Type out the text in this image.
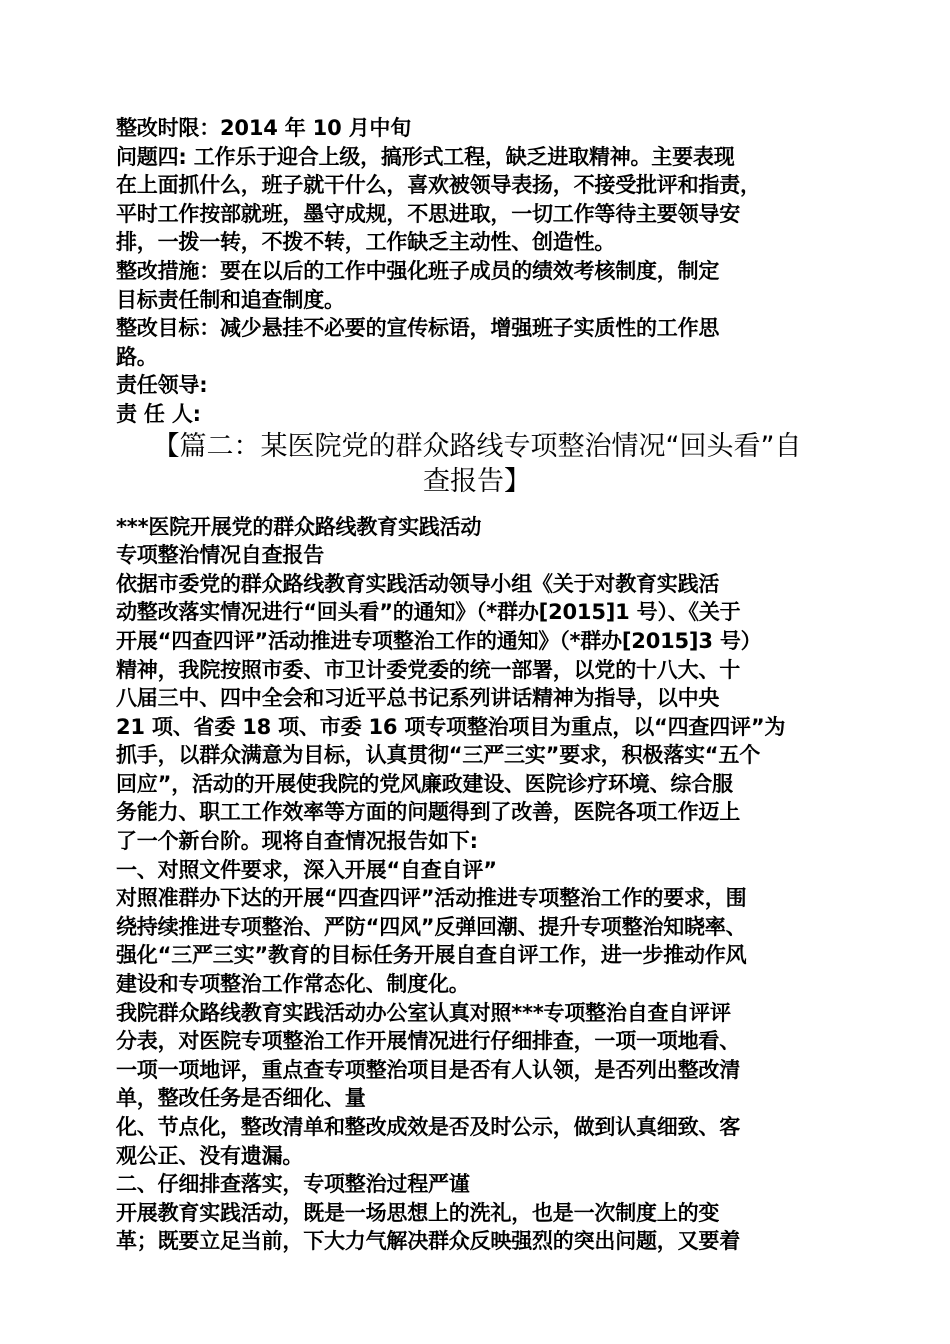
整改时限：2014 年 10 月中旬

问题四: 工作乐于迎合上级，搞形式工程，缺乏进取精神。主要表现

在上面抓什么，班子就干什么，喜欢被领导表扬，不接受批评和指责，

平时工作按部就班，墨守成规，不思进取，一切工作等待主要领导安

排，一拨一转，不拨不转，工作缺乏主动性、创造性。

整改措施：要在以后的工作中强化班子成员的绩效考核制度，制定

目标责任制和追查制度。

整改目标：减少悬挂不必要的宣传标语，增强班子实质性的工作思

路。

责任领导:

责 任 人:

【篇二：某医院党的群众路线专项整治情况“回头看”自

查报告】

***医院开展党的群众路线教育实践活动

专项整治情况自查报告

依据市委党的群众路线教育实践活动领导小组《关于对教育实践活

动整改落实情况进行“回头看”的通知》（*群办[2015]1 号）、《关于

开展“四查四评”活动推进专项整治工作的通知》（*群办[2015]3 号）

精神，我院按照市委、市卫计委党委的统一部署，以党的十八大、十

八届三中、四中全会和习近平总书记系列讲话精神为指导，以中央

21 项、省委 18 项、市委 16 项专项整治项目为重点，以“四查四评”为

抓手，以群众满意为目标，认真贯彻“三严三实”要求，积极落实“五个

回应”，活动的开展使我院的党风廉政建设、医院诊疗环境、综合服

务能力、职工工作效率等方面的问题得到了改善，医院各项工作迈上

了一个新台阶。现将自查情况报告如下:

一、对照文件要求，深入开展“自查自评”

对照准群办下达的开展“四查四评”活动推进专项整治工作的要求，围

绕持续推进专项整治、严防“四风”反弹回潮、提升专项整治知晓率、

强化“三严三实”教育的目标任务开展自查自评工作，进一步推动作风

建设和专项整治工作常态化、制度化。

我院群众路线教育实践活动办公室认真对照***专项整治自查自评评

分表，对医院专项整治工作开展情况进行仔细排查，一项一项地看、

一项一项地评，重点查专项整治项目是否有人认领，是否列出整改清

单，整改任务是否细化、量

化、节点化，整改清单和整改成效是否及时公示，做到认真细致、客

观公正、没有遗漏。

二、仔细排查落实，专项整治过程严谨

开展教育实践活动，既是一场思想上的洗礼，也是一次制度上的变

革；既要立足当前，下大力气解决群众反映强烈的突出问题，又要着
